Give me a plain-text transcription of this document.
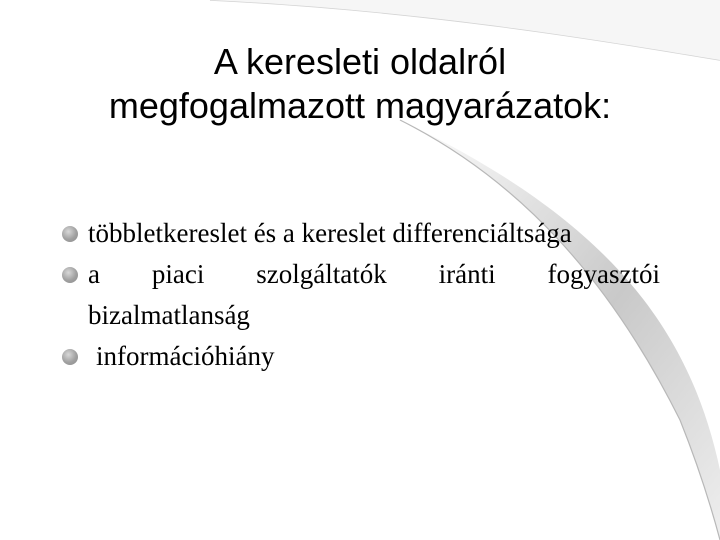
A keresleti oldalról
megfogalmazott magyarázatok:
többletkereslet és a kereslet differenciáltsága
a piaci szolgáltatók iránti fogyasztói
bizalmatlanság
információhiány
